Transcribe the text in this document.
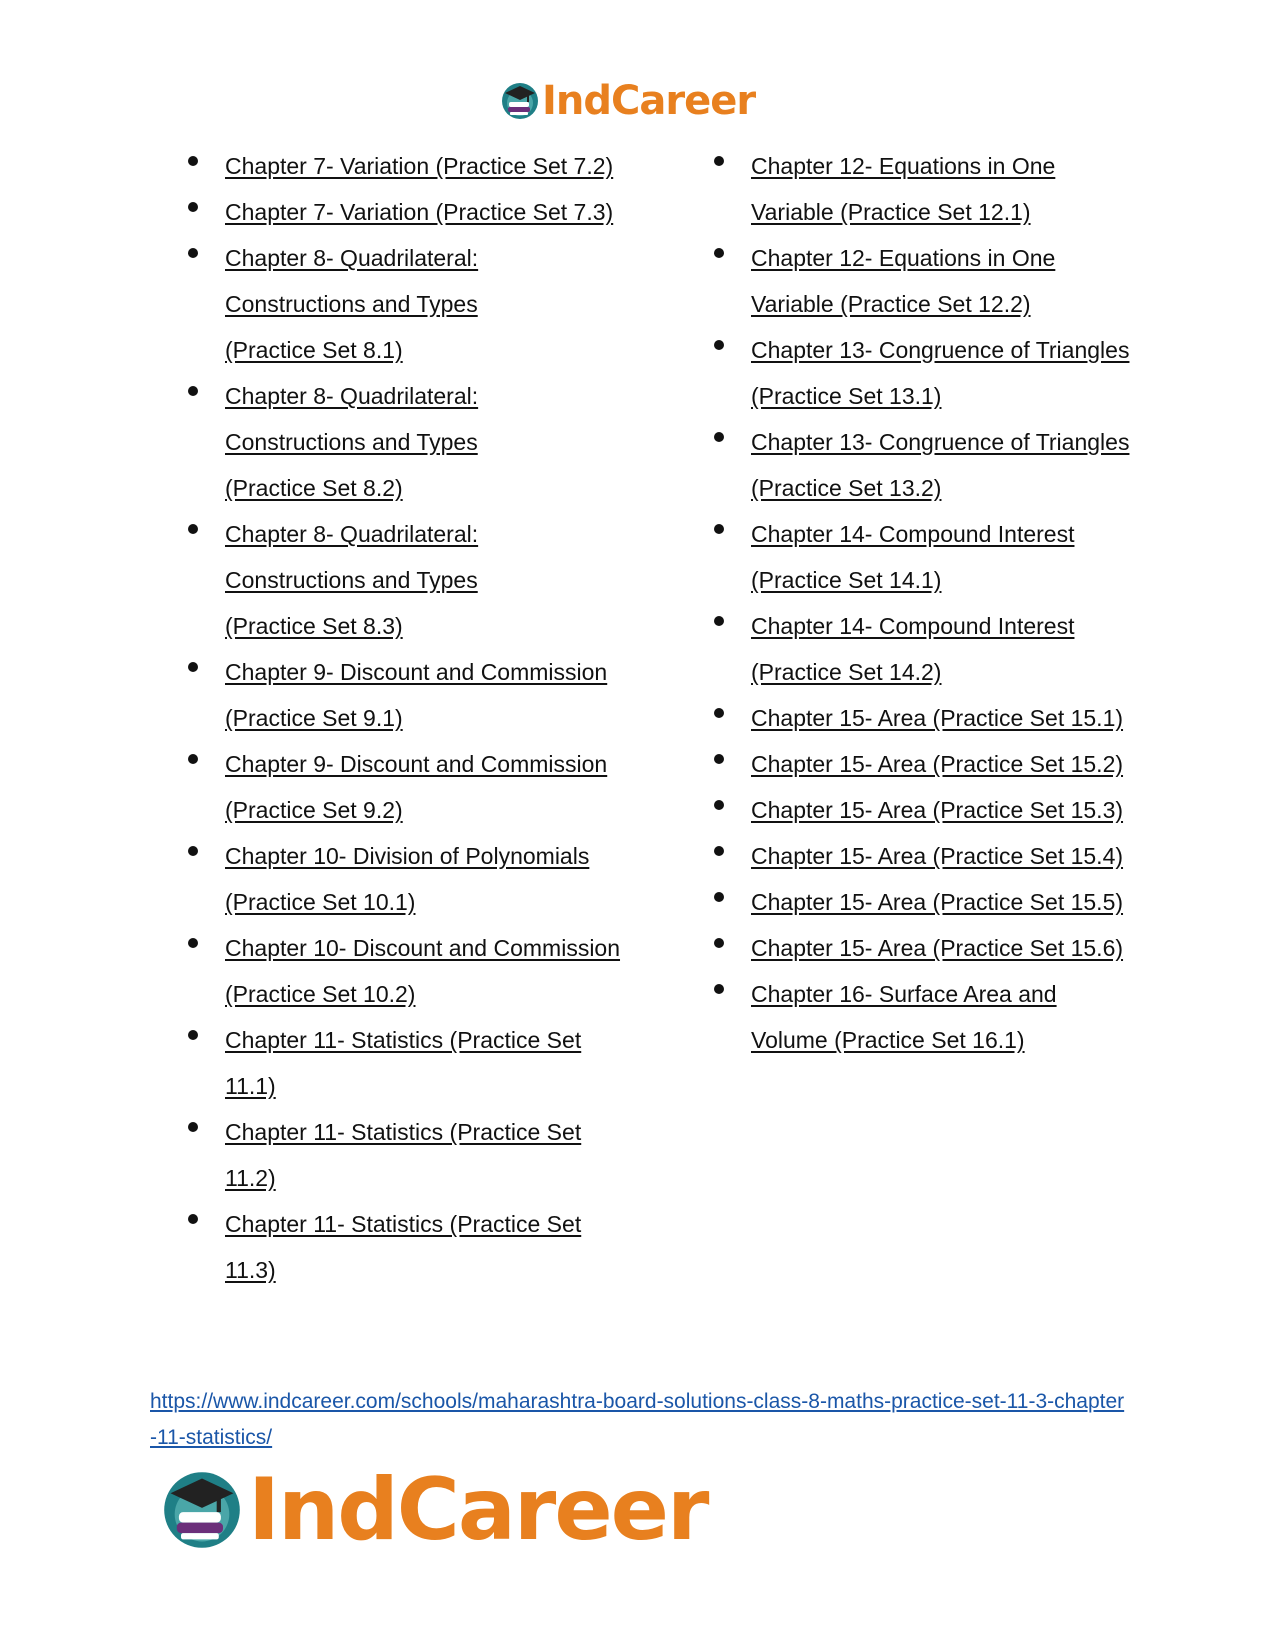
IndCareer
Chapter 7- Variation (Practice Set 7.2)
Chapter 7- Variation (Practice Set 7.3)
Chapter 8- Quadrilateral: Constructions and Types (Practice Set 8.1)
Chapter 8- Quadrilateral: Constructions and Types (Practice Set 8.2)
Chapter 8- Quadrilateral: Constructions and Types (Practice Set 8.3)
Chapter 9- Discount and Commission (Practice Set 9.1)
Chapter 9- Discount and Commission (Practice Set 9.2)
Chapter 10- Division of Polynomials (Practice Set 10.1)
Chapter 10- Discount and Commission (Practice Set 10.2)
Chapter 11- Statistics (Practice Set 11.1)
Chapter 11- Statistics (Practice Set 11.2)
Chapter 11- Statistics (Practice Set 11.3)
Chapter 12- Equations in One Variable (Practice Set 12.1)
Chapter 12- Equations in One Variable (Practice Set 12.2)
Chapter 13- Congruence of Triangles (Practice Set 13.1)
Chapter 13- Congruence of Triangles (Practice Set 13.2)
Chapter 14- Compound Interest (Practice Set 14.1)
Chapter 14- Compound Interest (Practice Set 14.2)
Chapter 15- Area (Practice Set 15.1)
Chapter 15- Area (Practice Set 15.2)
Chapter 15- Area (Practice Set 15.3)
Chapter 15- Area (Practice Set 15.4)
Chapter 15- Area (Practice Set 15.5)
Chapter 15- Area (Practice Set 15.6)
Chapter 16- Surface Area and Volume (Practice Set 16.1)
https://www.indcareer.com/schools/maharashtra-board-solutions-class-8-maths-practice-set-11-3-chapter-11-statistics/
IndCareer
